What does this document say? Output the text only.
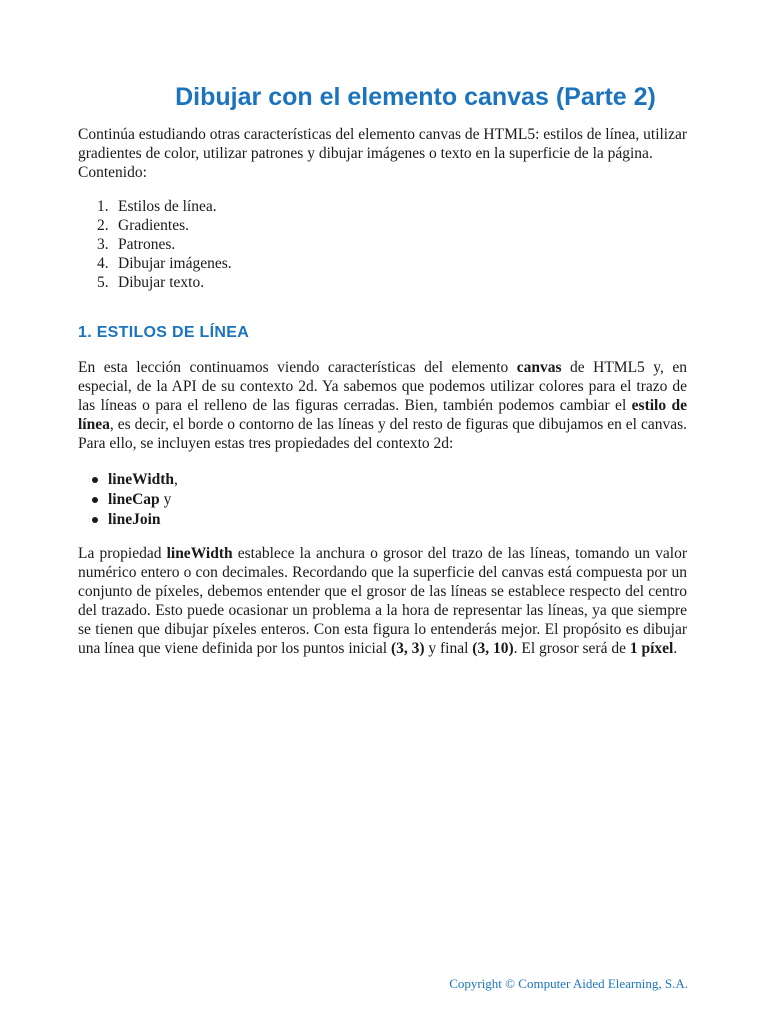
Dibujar con el elemento canvas (Parte 2)

Continúa estudiando otras características del elemento canvas de HTML5: estilos de línea, utilizar gradientes de color, utilizar patrones y dibujar imágenes o texto en la superficie de la página. Contenido:

1. Estilos de línea.
2. Gradientes.
3. Patrones.
4. Dibujar imágenes.
5. Dibujar texto.
1. ESTILOS DE LÍNEA

En esta lección continuamos viendo características del elemento canvas de HTML5 y, en especial, de la API de su contexto 2d. Ya sabemos que podemos utilizar colores para el trazo de las líneas o para el relleno de las figuras cerradas. Bien, también podemos cambiar el estilo de línea, es decir, el borde o contorno de las líneas y del resto de figuras que dibujamos en el canvas. Para ello, se incluyen estas tres propiedades del contexto 2d:

lineWidth,
lineCap y
lineJoin

La propiedad lineWidth establece la anchura o grosor del trazo de las líneas, tomando un valor numérico entero o con decimales. Recordando que la superficie del canvas está compuesta por un conjunto de píxeles, debemos entender que el grosor de las líneas se establece respecto del centro del trazado. Esto puede ocasionar un problema a la hora de representar las líneas, ya que siempre se tienen que dibujar píxeles enteros. Con esta figura lo entenderás mejor. El propósito es dibujar una línea que viene definida por los puntos inicial (3, 3) y final (3, 10). El grosor será de 1 píxel.

Copyright © Computer Aided Elearning, S.A.
